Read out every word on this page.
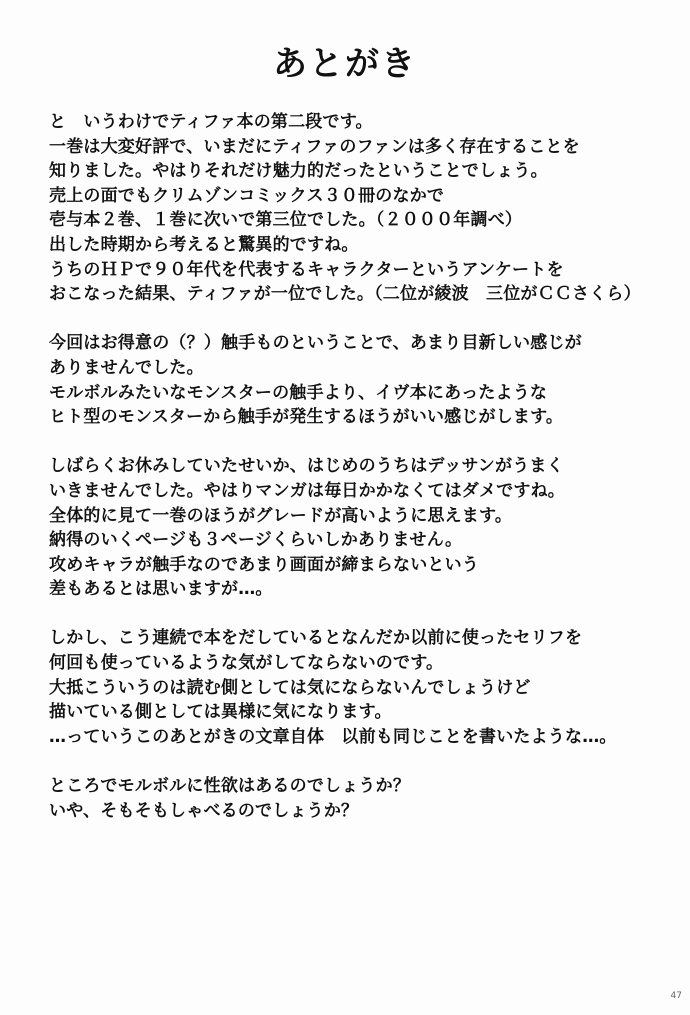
あとがき
と　いうわけでティファ本の第二段です。
一巻は大変好評で、いまだにティファのファンは多く存在することを
知りました。やはりそれだけ魅力的だったということでしょう。
売上の面でもクリムゾンコミックス３０冊のなかで
壱与本２巻、１巻に次いで第三位でした。（２０００年調べ）
出した時期から考えると驚異的ですね。
うちのＨＰで９０年代を代表するキャラクターというアンケートを
おこなった結果、ティファが一位でした。（二位が綾波　三位がＣＣさくら）
今回はお得意の（？）触手ものということで、あまり目新しい感じが
ありませんでした。
モルボルみたいなモンスターの触手より、イヴ本にあったような
ヒト型のモンスターから触手が発生するほうがいい感じがします。
しばらくお休みしていたせいか、はじめのうちはデッサンがうまく
いきませんでした。やはりマンガは毎日かかなくてはダメですね。
全体的に見て一巻のほうがグレードが高いように思えます。
納得のいくページも３ページくらいしかありません。
攻めキャラが触手なのであまり画面が締まらないという
差もあるとは思いますが…。
しかし、こう連続で本をだしているとなんだか以前に使ったセリフを
何回も使っているような気がしてならないのです。
大抵こういうのは読む側としては気にならないんでしょうけど
描いている側としては異様に気になります。
…っていうこのあとがきの文章自体　以前も同じことを書いたような…。
ところでモルボルに性欲はあるのでしょうか？
いや、そもそもしゃべるのでしょうか？
47
